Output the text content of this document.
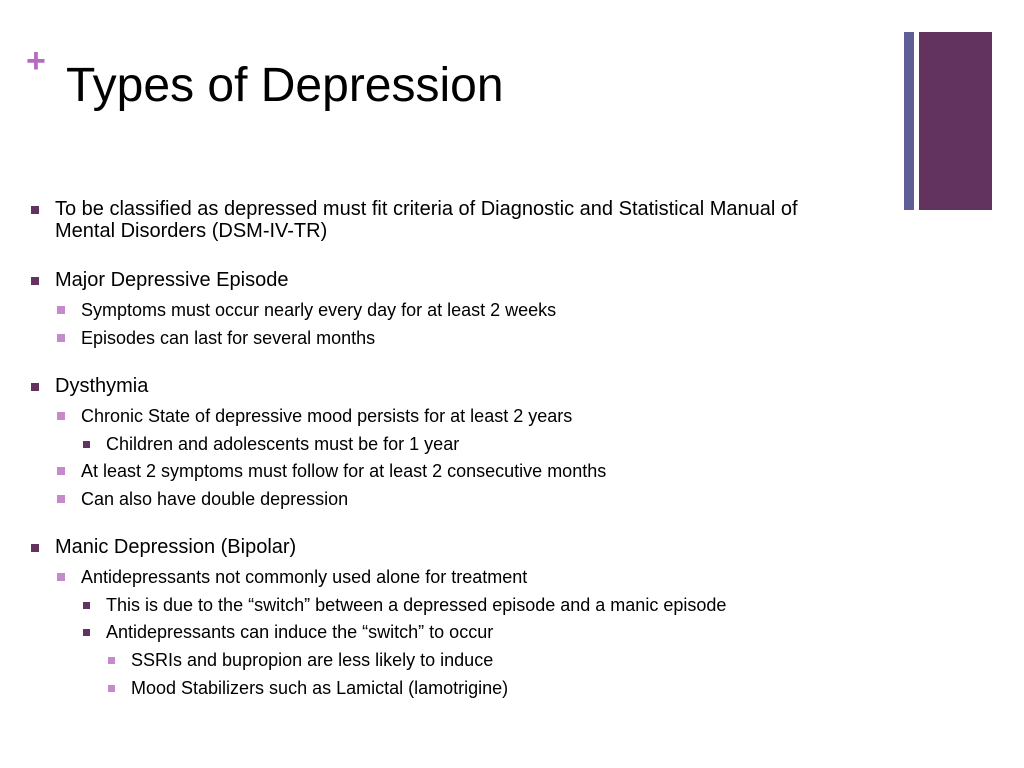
+ Types of Depression
To be classified as depressed must fit criteria of Diagnostic and Statistical Manual of
Mental Disorders (DSM-IV-TR)
Major Depressive Episode
Symptoms must occur nearly every day for at least 2 weeks
Episodes can last for several months
Dysthymia
Chronic State of depressive mood persists for at least 2 years
Children and adolescents must be for 1 year
At least 2 symptoms must follow for at least 2 consecutive months
Can also have double depression
Manic Depression (Bipolar)
Antidepressants not commonly used alone for treatment
This is due to the “switch” between a depressed episode and a manic episode
Antidepressants can induce the “switch” to occur
SSRIs and bupropion are less likely to induce
Mood Stabilizers such as Lamictal (lamotrigine)
